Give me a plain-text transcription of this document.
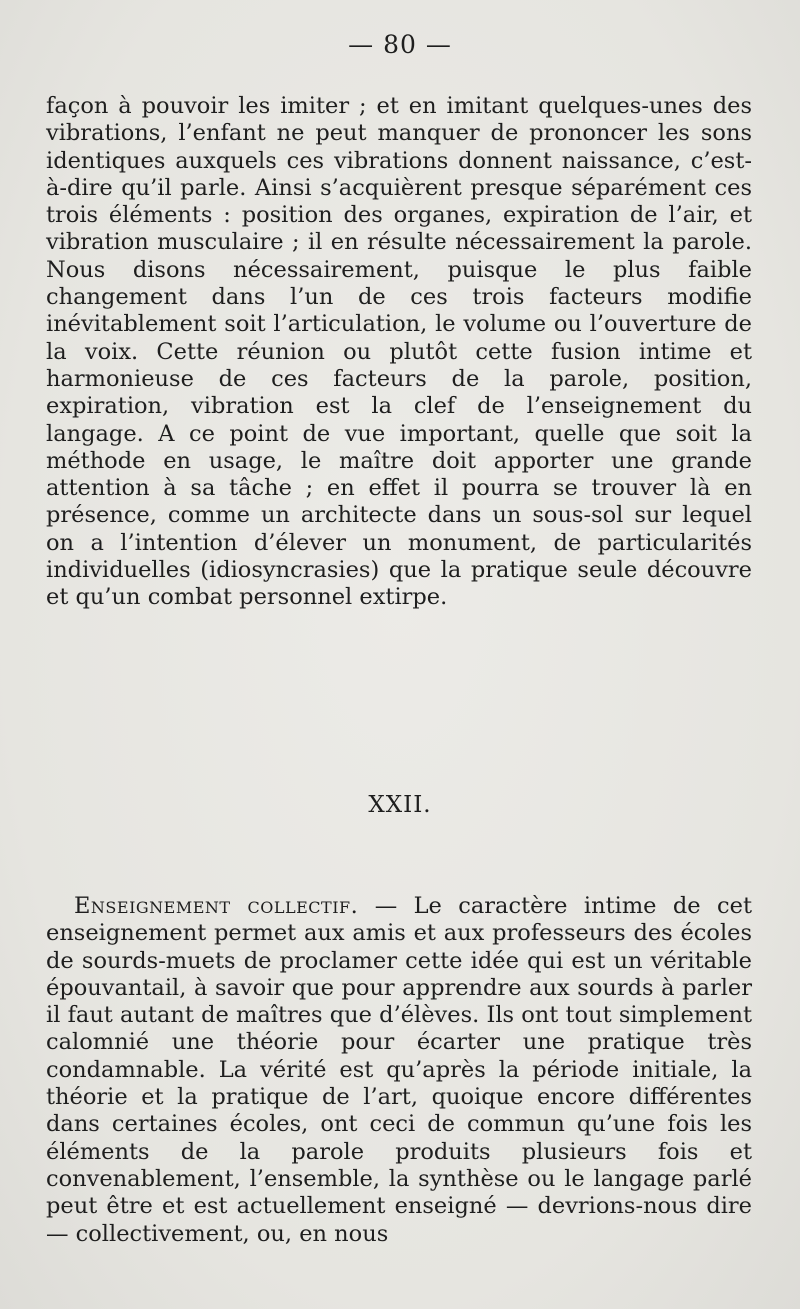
— 80 —

façon à pouvoir les imiter ; et en imitant quelques-unes des vibrations, l’enfant ne peut manquer de prononcer les sons identiques auxquels ces vibrations donnent naissance, c’est-à-dire qu’il parle. Ainsi s’acquièrent presque séparément ces trois éléments : position des organes, expiration de l’air, et vibration musculaire ; il en résulte nécessairement la parole. Nous disons nécessairement, puisque le plus faible changement dans l’un de ces trois facteurs modifie inévitablement soit l’articulation, le volume ou l’ouverture de la voix. Cette réunion ou plutôt cette fusion intime et harmonieuse de ces facteurs de la parole, position, expiration, vibration est la clef de l’enseignement du langage. A ce point de vue important, quelle que soit la méthode en usage, le maître doit apporter une grande attention à sa tâche ; en effet il pourra se trouver là en présence, comme un architecte dans un sous-sol sur lequel on a l’intention d’élever un monument, de particularités individuelles (idiosyncrasies) que la pratique seule découvre et qu’un combat personnel extirpe.

XXII.

Enseignement collectif. — Le caractère intime de cet enseignement permet aux amis et aux professeurs des écoles de sourds-muets de proclamer cette idée qui est un véritable épouvantail, à savoir que pour apprendre aux sourds à parler il faut autant de maîtres que d’élèves. Ils ont tout simplement calomnié une théorie pour écarter une pratique très condamnable. La vérité est qu’après la période initiale, la théorie et la pratique de l’art, quoique encore différentes dans certaines écoles, ont ceci de commun qu’une fois les éléments de la parole produits plusieurs fois et convenablement, l’ensemble, la synthèse ou le langage parlé peut être et est actuellement enseigné — devrions-nous dire — collectivement, ou, en nous
